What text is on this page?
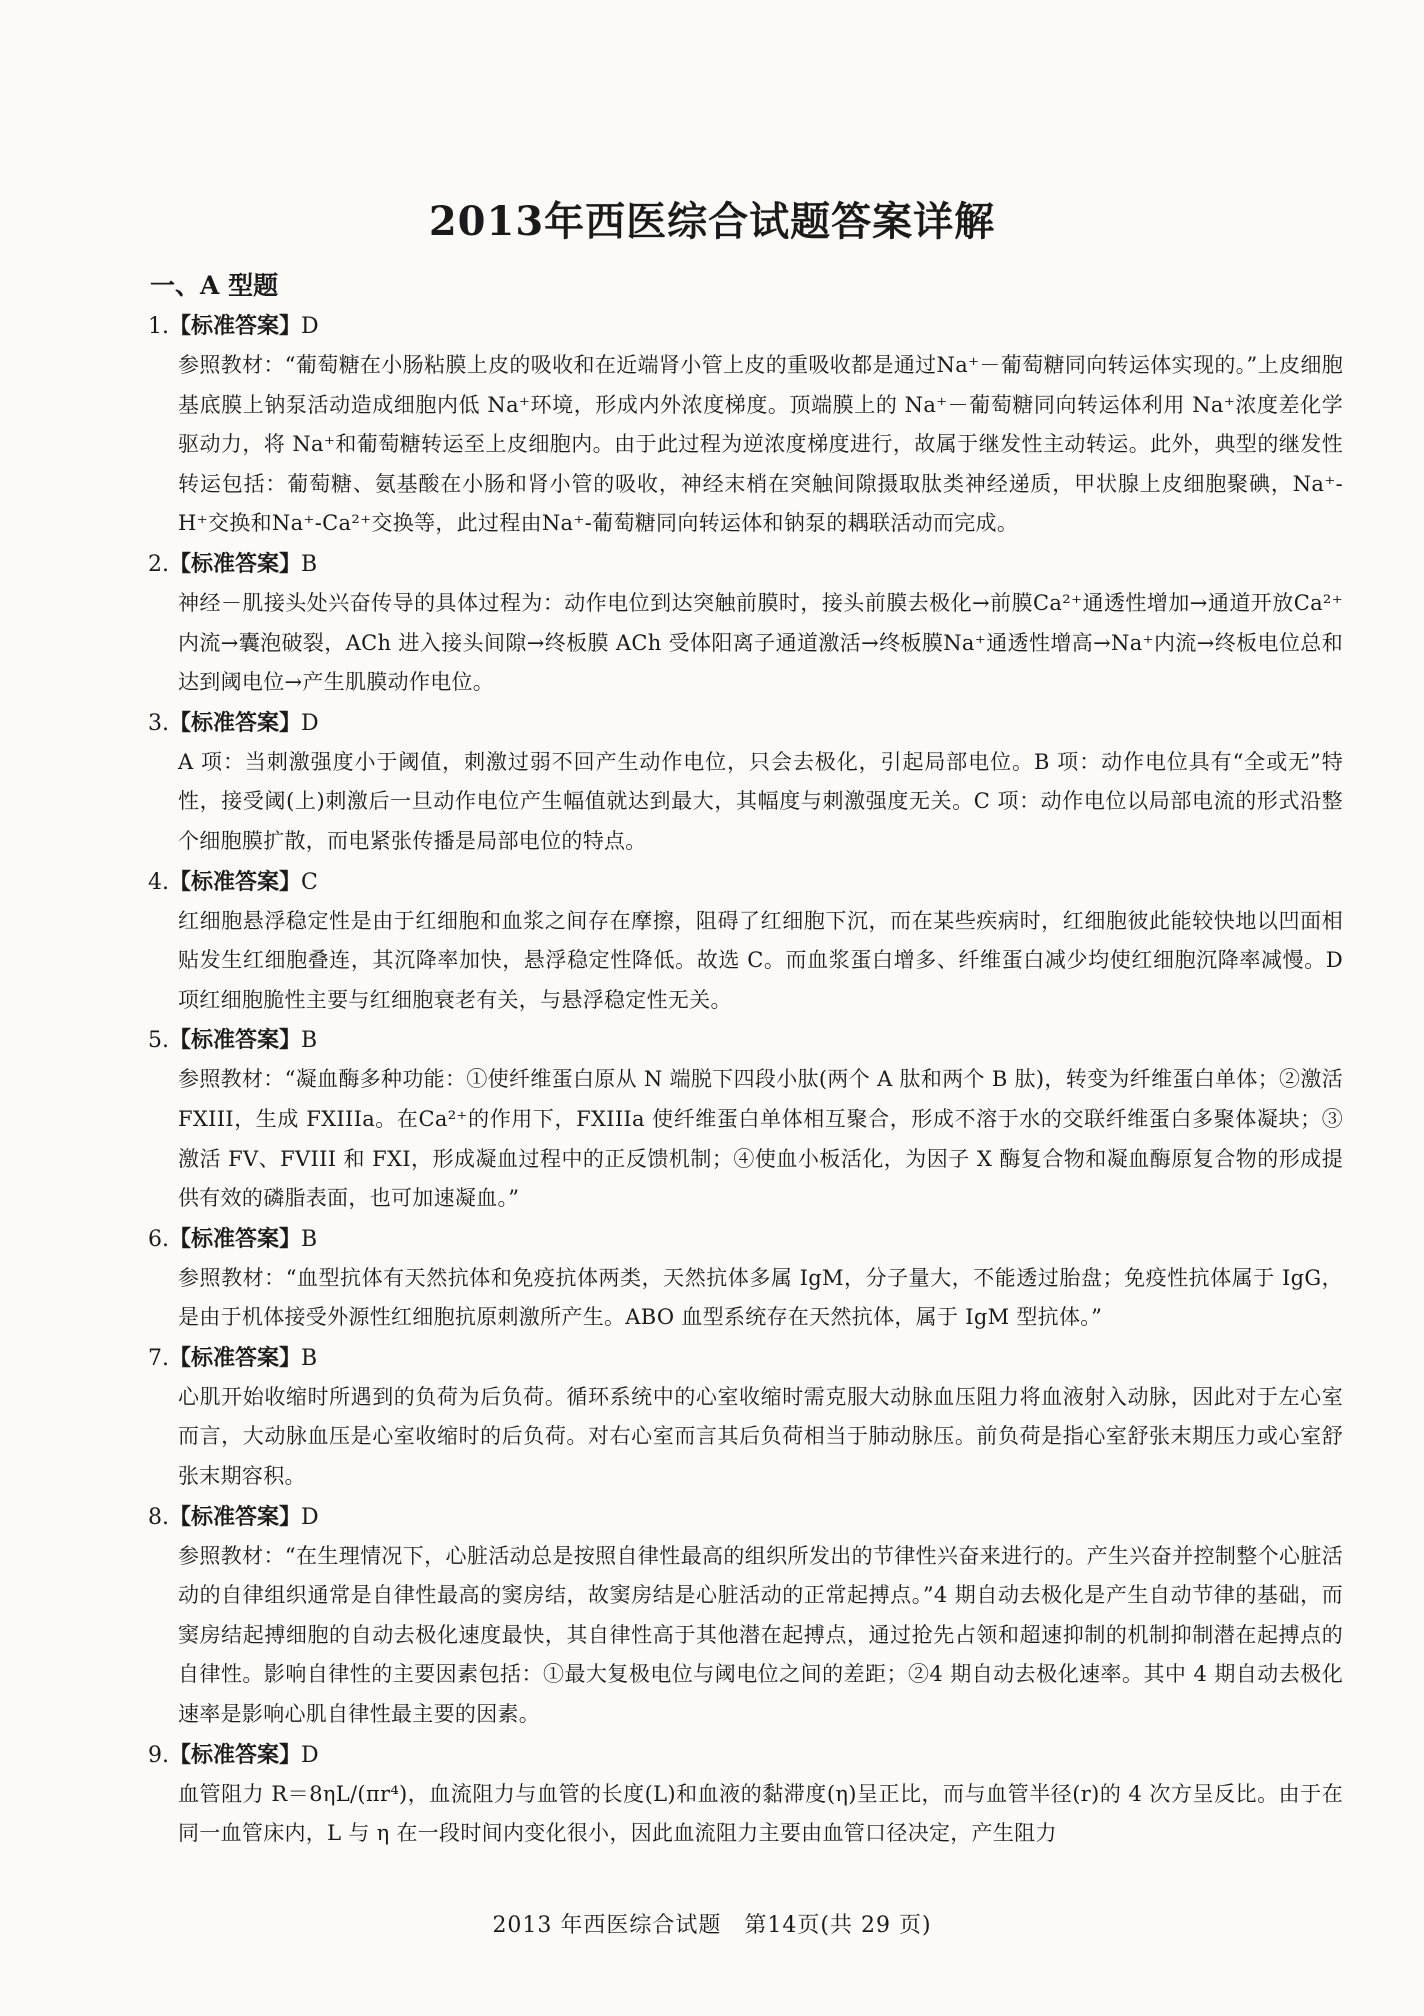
2013年西医综合试题答案详解
一、A 型题
1.【标准答案】D
参照教材：“葡萄糖在小肠粘膜上皮的吸收和在近端肾小管上皮的重吸收都是通过Na⁺－葡萄糖同向转运体实现的。”上皮细胞基底膜上钠泵活动造成细胞内低 Na⁺环境，形成内外浓度梯度。顶端膜上的 Na⁺－葡萄糖同向转运体利用 Na⁺浓度差化学驱动力，将 Na⁺和葡萄糖转运至上皮细胞内。由于此过程为逆浓度梯度进行，故属于继发性主动转运。此外，典型的继发性转运包括：葡萄糖、氨基酸在小肠和肾小管的吸收，神经末梢在突触间隙摄取肽类神经递质，甲状腺上皮细胞聚碘，Na⁺-H⁺交换和Na⁺-Ca²⁺交换等，此过程由Na⁺-葡萄糖同向转运体和钠泵的耦联活动而完成。
2.【标准答案】B
神经－肌接头处兴奋传导的具体过程为：动作电位到达突触前膜时，接头前膜去极化→前膜Ca²⁺通透性增加→通道开放Ca²⁺内流→囊泡破裂，ACh 进入接头间隙→终板膜 ACh 受体阳离子通道激活→终板膜Na⁺通透性增高→Na⁺内流→终板电位总和达到阈电位→产生肌膜动作电位。
3.【标准答案】D
A 项：当刺激强度小于阈值，刺激过弱不回产生动作电位，只会去极化，引起局部电位。B 项：动作电位具有“全或无”特性，接受阈(上)刺激后一旦动作电位产生幅值就达到最大，其幅度与刺激强度无关。C 项：动作电位以局部电流的形式沿整个细胞膜扩散，而电紧张传播是局部电位的特点。
4.【标准答案】C
红细胞悬浮稳定性是由于红细胞和血浆之间存在摩擦，阻碍了红细胞下沉，而在某些疾病时，红细胞彼此能较快地以凹面相贴发生红细胞叠连，其沉降率加快，悬浮稳定性降低。故选 C。而血浆蛋白增多、纤维蛋白减少均使红细胞沉降率减慢。D 项红细胞脆性主要与红细胞衰老有关，与悬浮稳定性无关。
5.【标准答案】B
参照教材：“凝血酶多种功能：①使纤维蛋白原从 N 端脱下四段小肽(两个 A 肽和两个 B 肽)，转变为纤维蛋白单体；②激活 FXIII，生成 FXIIIa。在Ca²⁺的作用下，FXIIIa 使纤维蛋白单体相互聚合，形成不溶于水的交联纤维蛋白多聚体凝块；③激活 FV、FVIII 和 FXI，形成凝血过程中的正反馈机制；④使血小板活化，为因子 X 酶复合物和凝血酶原复合物的形成提供有效的磷脂表面，也可加速凝血。”
6.【标准答案】B
参照教材：“血型抗体有天然抗体和免疫抗体两类，天然抗体多属 IgM，分子量大，不能透过胎盘；免疫性抗体属于 IgG，是由于机体接受外源性红细胞抗原刺激所产生。ABO 血型系统存在天然抗体，属于 IgM 型抗体。”
7.【标准答案】B
心肌开始收缩时所遇到的负荷为后负荷。循环系统中的心室收缩时需克服大动脉血压阻力将血液射入动脉，因此对于左心室而言，大动脉血压是心室收缩时的后负荷。对右心室而言其后负荷相当于肺动脉压。前负荷是指心室舒张末期压力或心室舒张末期容积。
8.【标准答案】D
参照教材：“在生理情况下，心脏活动总是按照自律性最高的组织所发出的节律性兴奋来进行的。产生兴奋并控制整个心脏活动的自律组织通常是自律性最高的窦房结，故窦房结是心脏活动的正常起搏点。”4 期自动去极化是产生自动节律的基础，而窦房结起搏细胞的自动去极化速度最快，其自律性高于其他潜在起搏点，通过抢先占领和超速抑制的机制抑制潜在起搏点的自律性。影响自律性的主要因素包括：①最大复极电位与阈电位之间的差距；②4 期自动去极化速率。其中 4 期自动去极化速率是影响心肌自律性最主要的因素。
9.【标准答案】D
血管阻力 R＝8ηL/(πr⁴)，血流阻力与血管的长度(L)和血液的黏滞度(η)呈正比，而与血管半径(r)的 4 次方呈反比。由于在同一血管床内，L 与 η 在一段时间内变化很小，因此血流阻力主要由血管口径决定，产生阻力
2013 年西医综合试题　第14页(共 29 页)
